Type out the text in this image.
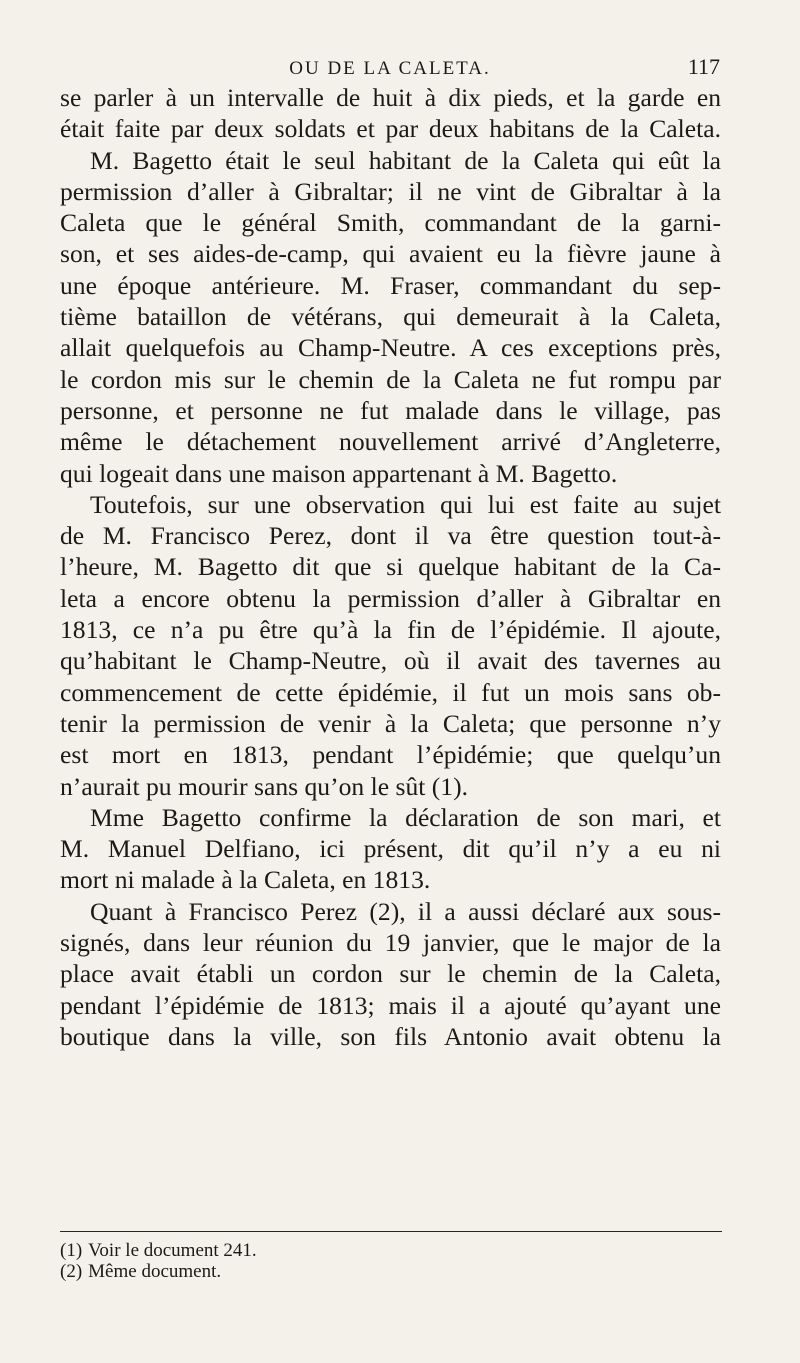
OU DE LA CALETA.	117
se parler à un intervalle de huit à dix pieds, et la garde en
était faite par deux soldats et par deux habitans de la Caleta.
M. Bagetto était le seul habitant de la Caleta qui eût la
permission d’aller à Gibraltar; il ne vint de Gibraltar à la
Caleta que le général Smith, commandant de la garni-
son, et ses aides-de-camp, qui avaient eu la fièvre jaune à
une époque antérieure. M. Fraser, commandant du sep-
tième bataillon de vétérans, qui demeurait à la Caleta,
allait quelquefois au Champ-Neutre. A ces exceptions près,
le cordon mis sur le chemin de la Caleta ne fut rompu par
personne, et personne ne fut malade dans le village, pas
même le détachement nouvellement arrivé d’Angleterre,
qui logeait dans une maison appartenant à M. Bagetto.
Toutefois, sur une observation qui lui est faite au sujet
de M. Francisco Perez, dont il va être question tout-à-
l’heure, M. Bagetto dit que si quelque habitant de la Ca-
leta a encore obtenu la permission d’aller à Gibraltar en
1813, ce n’a pu être qu’à la fin de l’épidémie. Il ajoute,
qu’habitant le Champ-Neutre, où il avait des tavernes au
commencement de cette épidémie, il fut un mois sans ob-
tenir la permission de venir à la Caleta; que personne n’y
est mort en 1813, pendant l’épidémie; que quelqu’un
n’aurait pu mourir sans qu’on le sût (1).
Mme Bagetto confirme la déclaration de son mari, et
M. Manuel Delfiano, ici présent, dit qu’il n’y a eu ni
mort ni malade à la Caleta, en 1813.
Quant à Francisco Perez (2), il a aussi déclaré aux sous-
signés, dans leur réunion du 19 janvier, que le major de la
place avait établi un cordon sur le chemin de la Caleta,
pendant l’épidémie de 1813; mais il a ajouté qu’ayant une
boutique dans la ville, son fils Antonio avait obtenu la
(1) Voir le document 241.
(2) Même document.
